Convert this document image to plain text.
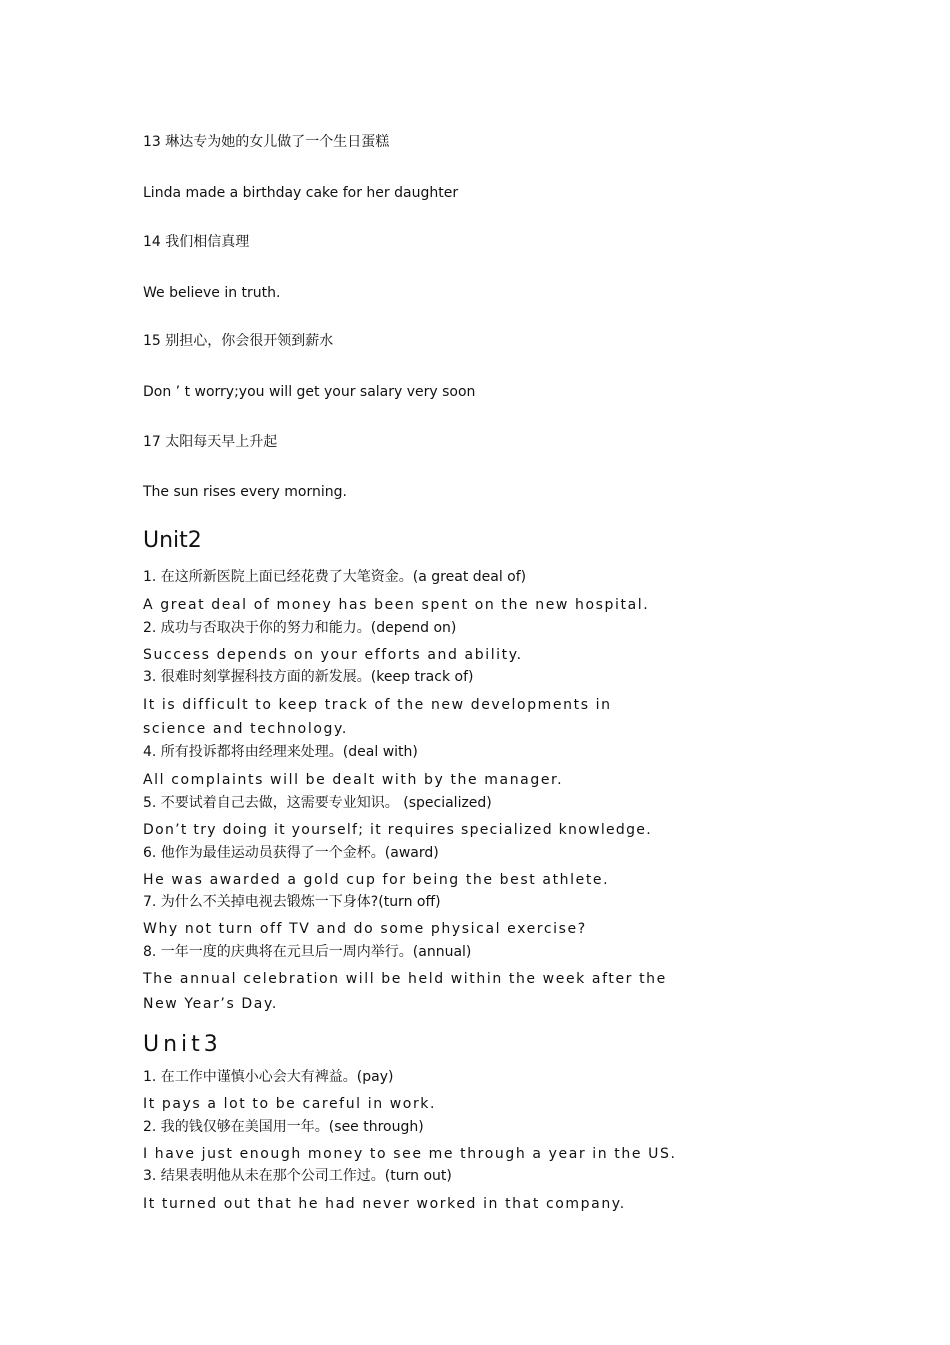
13 琳达专为她的女儿做了一个生日蛋糕
Linda made a birthday cake for her daughter
14 我们相信真理
We believe in truth.
15 别担心，你会很开领到薪水
Don ’ t worry;you will get your salary very soon
17 太阳每天早上升起
The sun rises every morning.
Unit2
1. 在这所新医院上面已经花费了大笔资金。(a great deal of)
A great deal of money has been spent on the new hospital.
2. 成功与否取决于你的努力和能力。(depend on)
Success depends on your efforts and ability.
3. 很难时刻掌握科技方面的新发展。(keep track of)
It is difficult to keep track of the new developments in
science and technology.
4. 所有投诉都将由经理来处理。(deal with)
All complaints will be dealt with by the manager.
5. 不要试着自己去做，这需要专业知识。 (specialized)
Don’t try doing it yourself; it requires specialized knowledge.
6. 他作为最佳运动员获得了一个金杯。(award)
He was awarded a gold cup for being the best athlete.
7. 为什么不关掉电视去锻炼一下身体?(turn off)
Why not turn off TV and do some physical exercise?
8. 一年一度的庆典将在元旦后一周内举行。(annual)
The annual celebration will be held within the week after the
New Year’s Day.
Unit3
1. 在工作中谨慎小心会大有裨益。(pay)
It pays a lot to be careful in work.
2. 我的钱仅够在美国用一年。(see through)
I have just enough money to see me through a year in the US.
3. 结果表明他从未在那个公司工作过。(turn out)
It turned out that he had never worked in that company.
